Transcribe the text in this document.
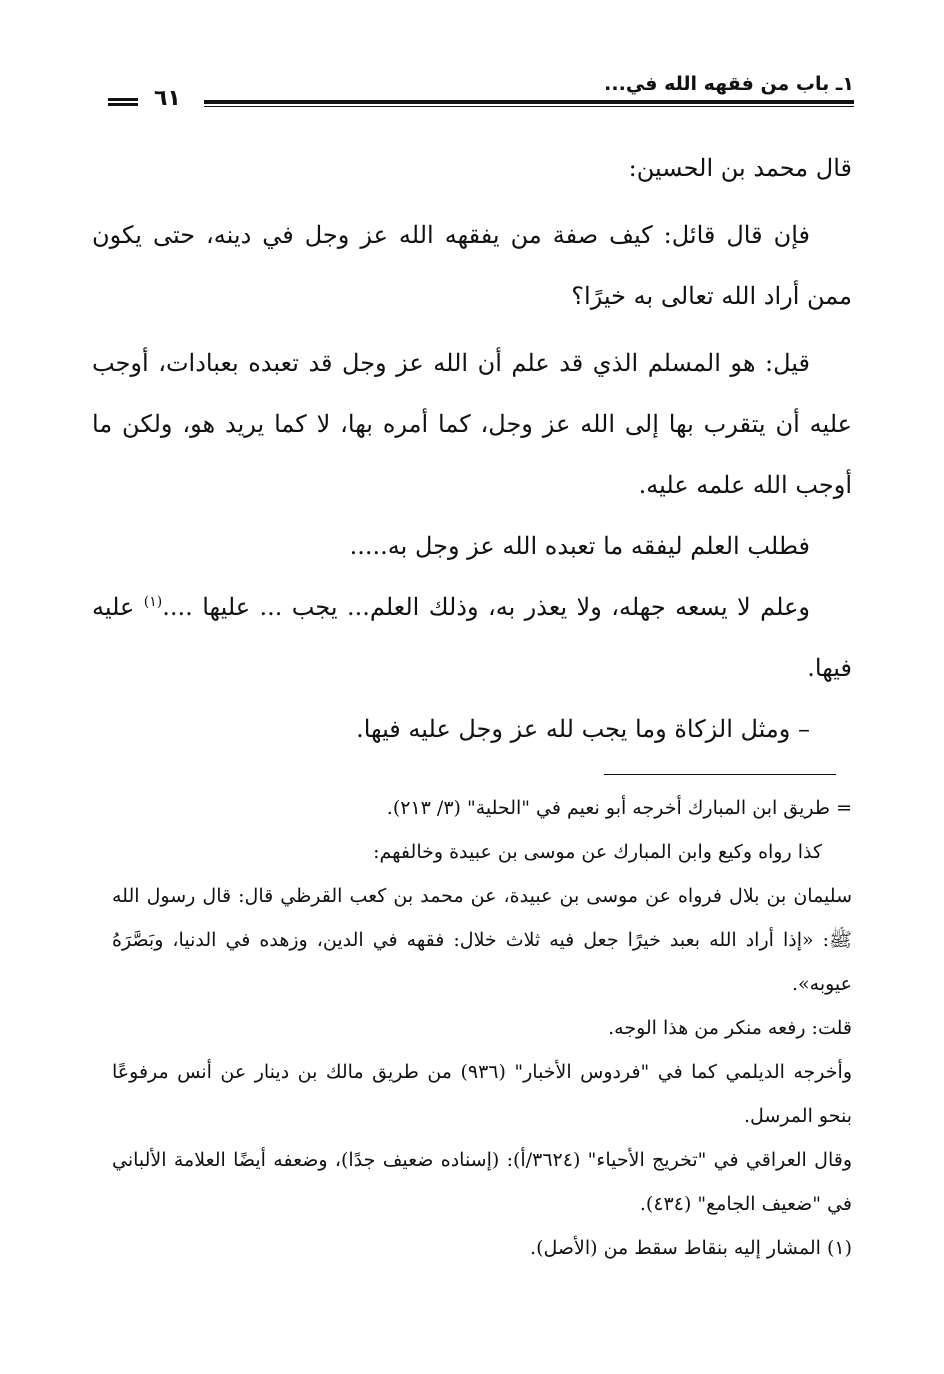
١ـ باب من فقهه الله في...
٦١

قال محمد بن الحسين:

فإن قال قائل: كيف صفة من يفقهه الله عز وجل في دينه، حتى يكون ممن أراد الله تعالى به خيرًا؟

قيل: هو المسلم الذي قد علم أن الله عز وجل قد تعبده بعبادات، أوجب عليه أن يتقرب بها إلى الله عز وجل، كما أمره بها، لا كما يريد هو، ولكن ما أوجب الله علمه عليه.

فطلب العلم ليفقه ما تعبده الله عز وجل به.....

وعلم لا يسعه جهله، ولا يعذر به، وذلك العلم... يجب ... عليها ....$^{(١)}$ عليه فيها.

– ومثل الزكاة وما يجب لله عز وجل عليه فيها.

= طريق ابن المبارك أخرجه أبو نعيم في "الحلية" (٣/ ٢١٣).

كذا رواه وكيع وابن المبارك عن موسى بن عبيدة وخالفهم:

سليمان بن بلال فرواه عن موسى بن عبيدة، عن محمد بن كعب القرظي قال: قال رسول الله ﷺ: «إذا أراد الله بعبد خيرًا جعل فيه ثلاث خلال: فقهه في الدين، وزهده في الدنيا، وبَصَّرَهُ عيوبه».

قلت: رفعه منكر من هذا الوجه.

وأخرجه الديلمي كما في "فردوس الأخبار" (٩٣٦) من طريق مالك بن دينار عن أنس مرفوعًا بنحو المرسل.

وقال العراقي في "تخريج الأحياء" (٣٦٢٤/أ): (إسناده ضعيف جدًا)، وضعفه أيضًا العلامة الألباني في "ضعيف الجامع" (٤٣٤).

(١) المشار إليه بنقاط سقط من (الأصل).
